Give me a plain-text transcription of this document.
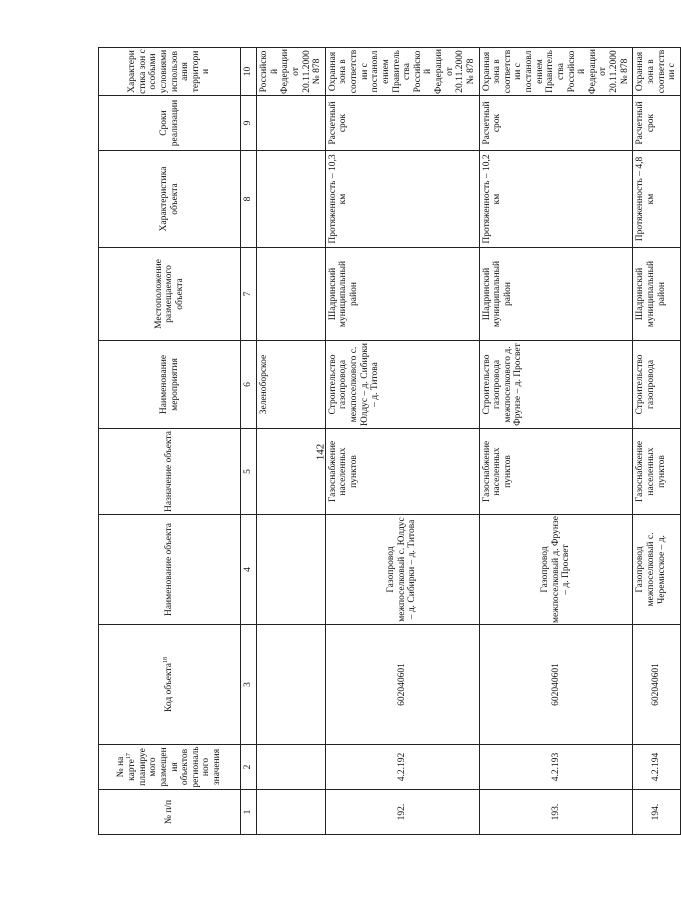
142
№ п/п	№ на карте$^{17}$ планируемого размещения объектов регионального значения	Код объекта$^{18}$	Наименование объекта	Назначение объекта	Наименование мероприятия	Местоположение размещаемого объекта	Характеристика объекта	Сроки реализации	Характеристика зон с особыми условиями использования территории
1	2	3	4	5	6	7	8	9	10
					Зеленоборское				Российской Федерации от 20.11.2000 № 878
192.	4.2.192	602040601	Газопровод межпоселковый с. Юлдус – д. Сибирки – д. Титова	Газоснабжение населенных пунктов	Строительство газопровода межпоселкового с. Юлдус – д. Сибирки – д. Титова	Шадринский муниципальный район	Протяженность – 10,3 км	Расчетный срок	Охранная зона в соответствии с постановлением Правительства Российской Федерации от 20.11.2000 № 878
193.	4.2.193	602040601	Газопровод межпоселковый д. Фрунзе – д. Просвет	Газоснабжение населенных пунктов	Строительство газопровода межпоселкового д. Фрунзе – д. Просвет	Шадринский муниципальный район	Протяженность – 10,2 км	Расчетный срок	Охранная зона в соответствии с постановлением Правительства Российской Федерации от 20.11.2000 № 878
194.	4.2.194	602040601	Газопровод межпоселковый с. Черемисское – д.	Газоснабжение населенных пунктов	Строительство газопровода	Шадринский муниципальный район	Протяженность – 4,8 км	Расчетный срок	Охранная зона в соответствии с
